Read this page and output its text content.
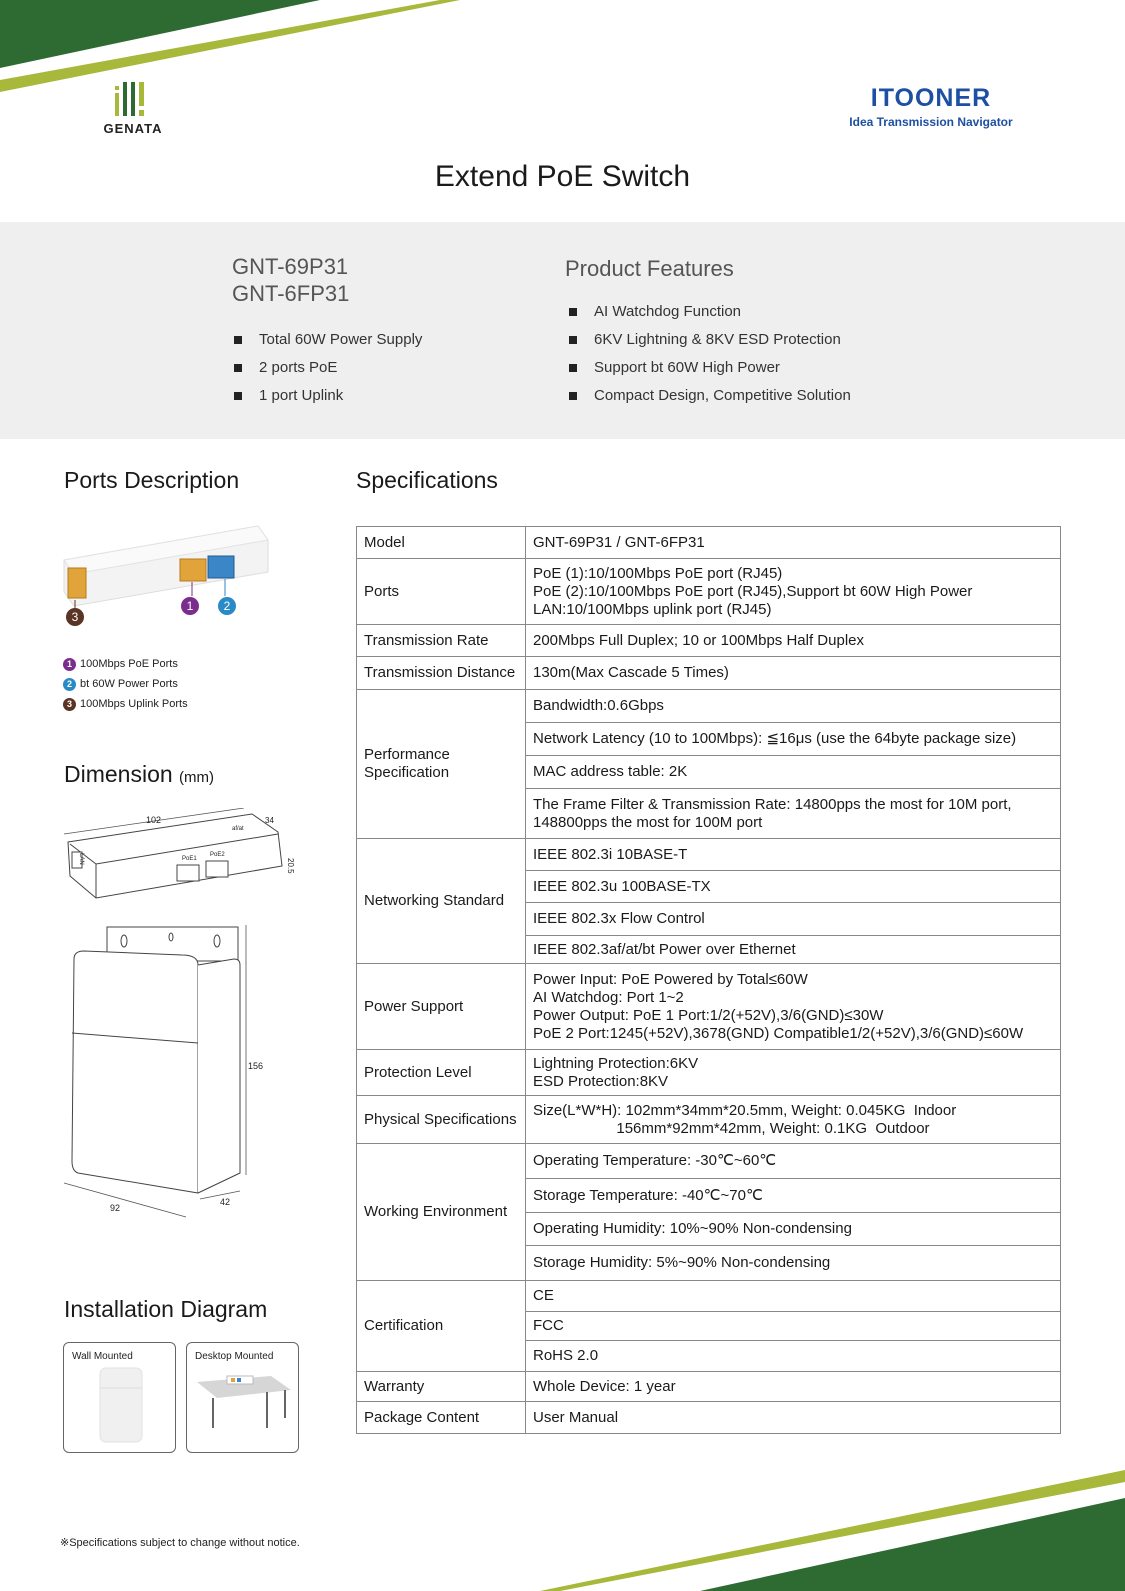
GENATA
ITOONER
Idea Transmission Navigator
Extend PoE Switch
GNT-69P31
GNT-6FP31
Total 60W Power Supply
2 ports PoE
1 port Uplink
Product Features
AI Watchdog Function
6KV Lightning & 8KV ESD Protection
Support bt 60W High Power
Compact Design, Competitive Solution
Ports Description
1	2
3
1 100Mbps PoE Ports
2 bt 60W Power Ports
3 100Mbps Uplink Ports
Dimension (mm)
102	34
20.5
PoE1
PoE2
LAN
af/at
156
92
42
Installation Diagram
Wall Mounted	Desktop Mounted
Specifications
Model	GNT-69P31 / GNT-6FP31
Ports	PoE (1):10/100Mbps PoE port (RJ45)
PoE (2):10/100Mbps PoE port (RJ45),Support bt 60W High Power
LAN:10/100Mbps uplink port (RJ45)
Transmission Rate	200Mbps Full Duplex; 10 or 100Mbps Half Duplex
Transmission Distance	130m(Max Cascade 5 Times)
Performance Specification	Bandwidth:0.6Gbps
	Network Latency (10 to 100Mbps): ≦16μs (use the 64byte package size)
	MAC address table: 2K
	The Frame Filter & Transmission Rate: 14800pps the most for 10M port,
148800pps the most for 100M port
Networking Standard	IEEE 802.3i 10BASE-T
	IEEE 802.3u 100BASE-TX
	IEEE 802.3x Flow Control
	IEEE 802.3af/at/bt Power over Ethernet
Power Support	Power Input: PoE Powered by Total≤60W
AI Watchdog: Port 1~2
Power Output: PoE 1 Port:1/2(+52V),3/6(GND)≤30W
PoE 2 Port:1245(+52V),3678(GND) Compatible1/2(+52V),3/6(GND)≤60W
Protection Level	Lightning Protection:6KV
ESD Protection:8KV
Physical Specifications	Size(L*W*H): 102mm*34mm*20.5mm, Weight: 0.045KG  Indoor
156mm*92mm*42mm, Weight: 0.1KG  Outdoor
Working Environment	Operating Temperature: -30℃~60℃
	Storage Temperature: -40℃~70℃
	Operating Humidity: 10%~90% Non-condensing
	Storage Humidity: 5%~90% Non-condensing
Certification	CE
	FCC
	RoHS 2.0
Warranty	Whole Device: 1 year
Package Content	User Manual
※Specifications subject to change without notice.
